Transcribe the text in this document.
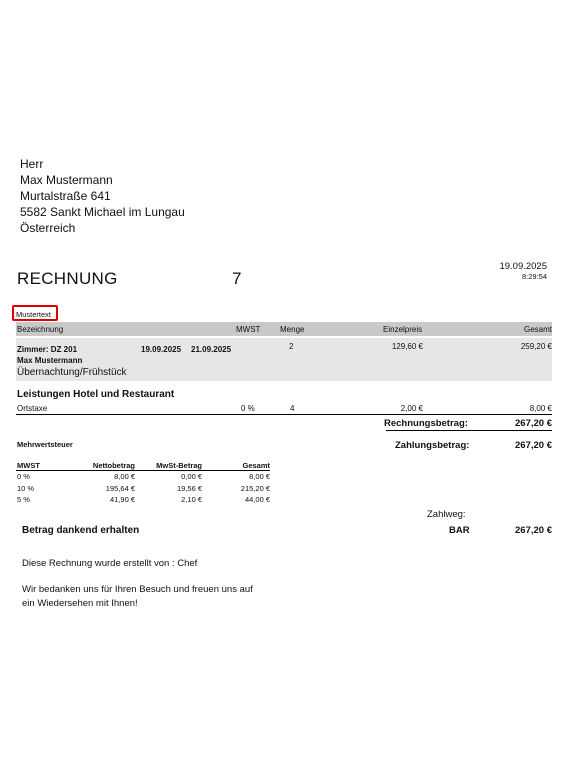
Herr
Max Mustermann
Murtalstraße 641
5582 Sankt Michael im Lungau
Österreich
19.09.2025
8:29:54
RECHNUNG	7
Mustertext
Bezeichnung	MWST Menge	Einzelpreis	Gesamt
Zimmer: DZ 201
Max Mustermann
19.09.2025 21.09.2025	2	129,60 €	259,20 €
Übernachtung/Frühstück
Leistungen Hotel und Restaurant
Ortstaxe	0 %	4	2,00 €	8,00 €
Rechnungsbetrag:	267,20 €
Zahlungsbetrag:	267,20 €
Mehrwertsteuer
MWST	Nettobetrag	MwSt-Betrag	Gesamt
0 %	8,00 €	0,00 €	8,00 €
10 %	195,64 €	19,56 €	215,20 €
5 %	41,90 €	2,10 €	44,00 €
Zahlweg:
Betrag dankend erhalten	BAR	267,20 €
Diese Rechnung wurde erstellt von : Chef
Wir bedanken uns für Ihren Besuch und freuen uns auf
ein Wiedersehen mit Ihnen!
